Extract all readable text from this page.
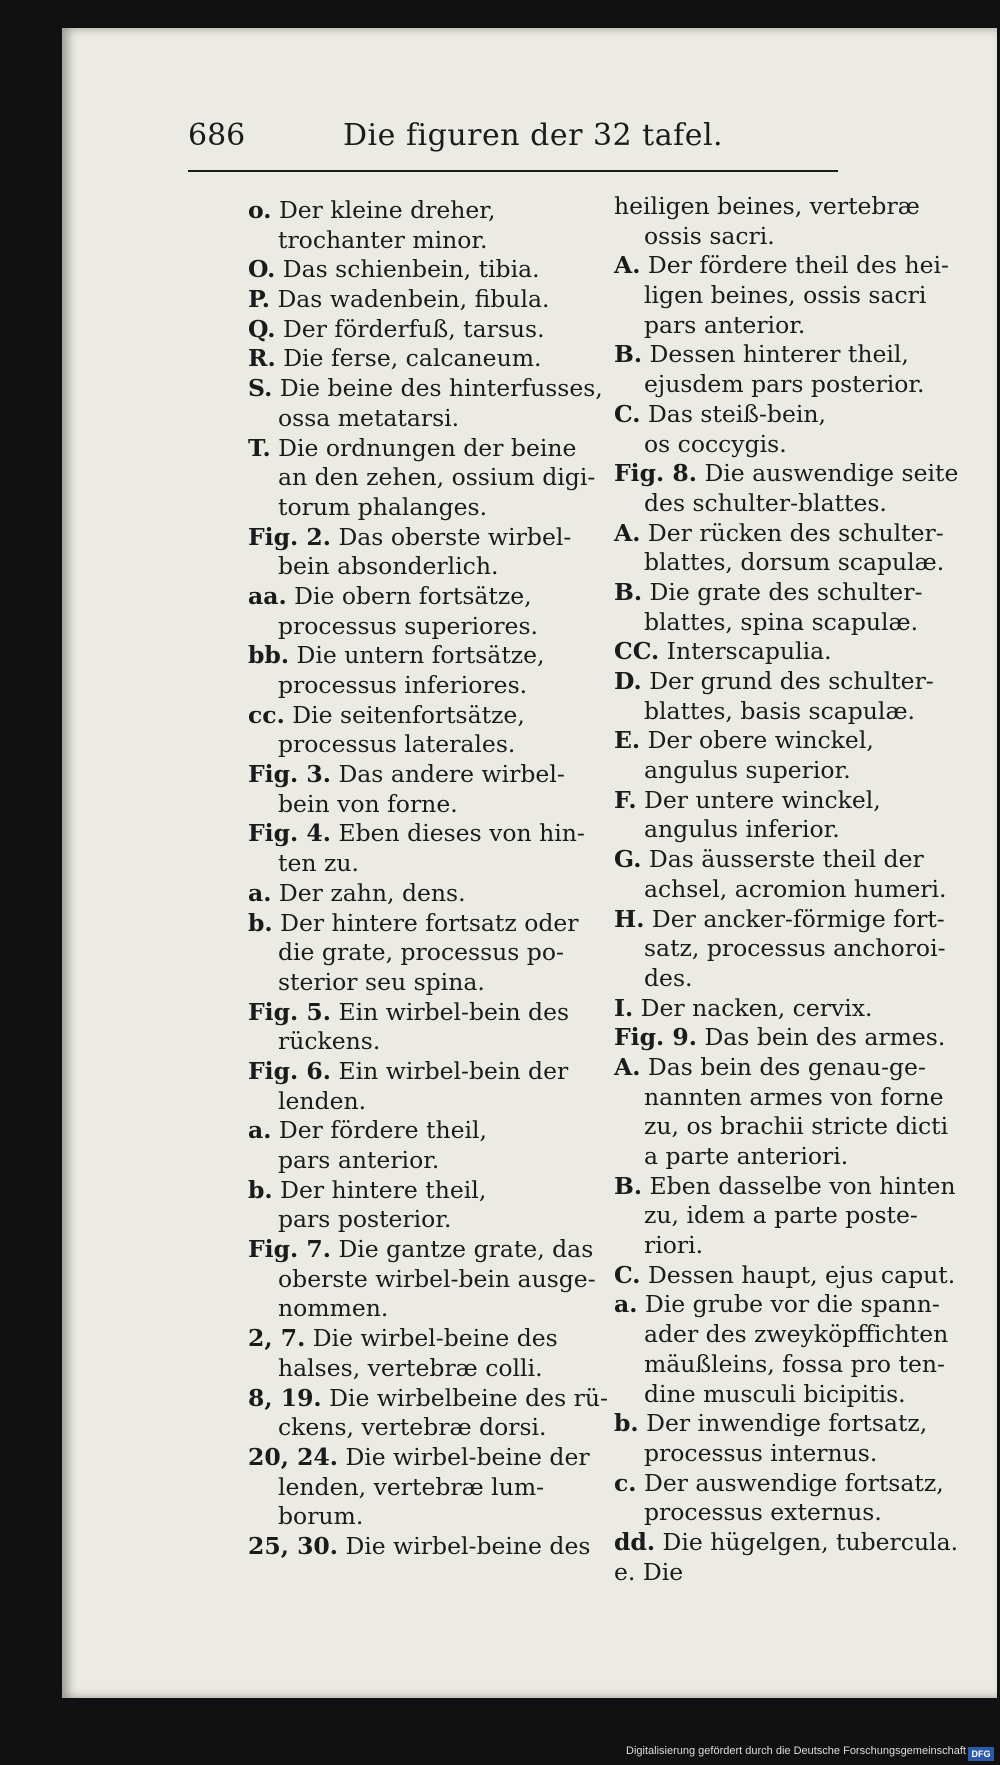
686	Die figuren der 32 tafel.
o. Der kleine dreher,
trochanter minor.
O. Das schienbein, tibia.
P. Das wadenbein, fibula.
Q. Der förderfuß, tarsus.
R. Die ferse, calcaneum.
S. Die beine des hinterfusses,
ossa metatarsi.
T. Die ordnungen der beine
an den zehen, ossium digi-
torum phalanges.
Fig. 2. Das oberste wirbel-
bein absonderlich.
aa. Die obern fortsätze,
processus superiores.
bb. Die untern fortsätze,
processus inferiores.
cc. Die seitenfortsätze,
processus laterales.
Fig. 3. Das andere wirbel-
bein von forne.
Fig. 4. Eben dieses von hin-
ten zu.
a. Der zahn, dens.
b. Der hintere fortsatz oder
die grate, processus po-
sterior seu spina.
Fig. 5. Ein wirbel-bein des
rückens.
Fig. 6. Ein wirbel-bein der
lenden.
a. Der fördere theil,
pars anterior.
b. Der hintere theil,
pars posterior.
Fig. 7. Die gantze grate, das
oberste wirbel-bein ausge-
nommen.
2, 7. Die wirbel-beine des
halses, vertebræ colli.
8, 19. Die wirbelbeine des rü-
ckens, vertebræ dorsi.
20, 24. Die wirbel-beine der
lenden, vertebræ lum-
borum.
25, 30. Die wirbel-beine des
heiligen beines, vertebræ
ossis sacri.
A. Der fördere theil des hei-
ligen beines, ossis sacri
pars anterior.
B. Dessen hinterer theil,
ejusdem pars posterior.
C. Das steiß-bein,
os coccygis.
Fig. 8. Die auswendige seite
des schulter-blattes.
A. Der rücken des schulter-
blattes, dorsum scapulæ.
B. Die grate des schulter-
blattes, spina scapulæ.
CC. Interscapulia.
D. Der grund des schulter-
blattes, basis scapulæ.
E. Der obere winckel,
angulus superior.
F. Der untere winckel,
angulus inferior.
G. Das äusserste theil der
achsel, acromion humeri.
H. Der ancker-förmige fort-
satz, processus anchoroi-
des.
I. Der nacken, cervix.
Fig. 9. Das bein des armes.
A. Das bein des genau-ge-
nannten armes von forne
zu, os brachii stricte dicti
a parte anteriori.
B. Eben dasselbe von hinten
zu, idem a parte poste-
riori.
C. Dessen haupt, ejus caput.
a. Die grube vor die spann-
ader des zweyköpffichten
mäußleins, fossa pro ten-
dine musculi bicipitis.
b. Der inwendige fortsatz,
processus internus.
c. Der auswendige fortsatz,
processus externus.
dd. Die hügelgen, tubercula.
e. Die
Digitalisierung gefördert durch die Deutsche Forschungsgemeinschaft DFG
